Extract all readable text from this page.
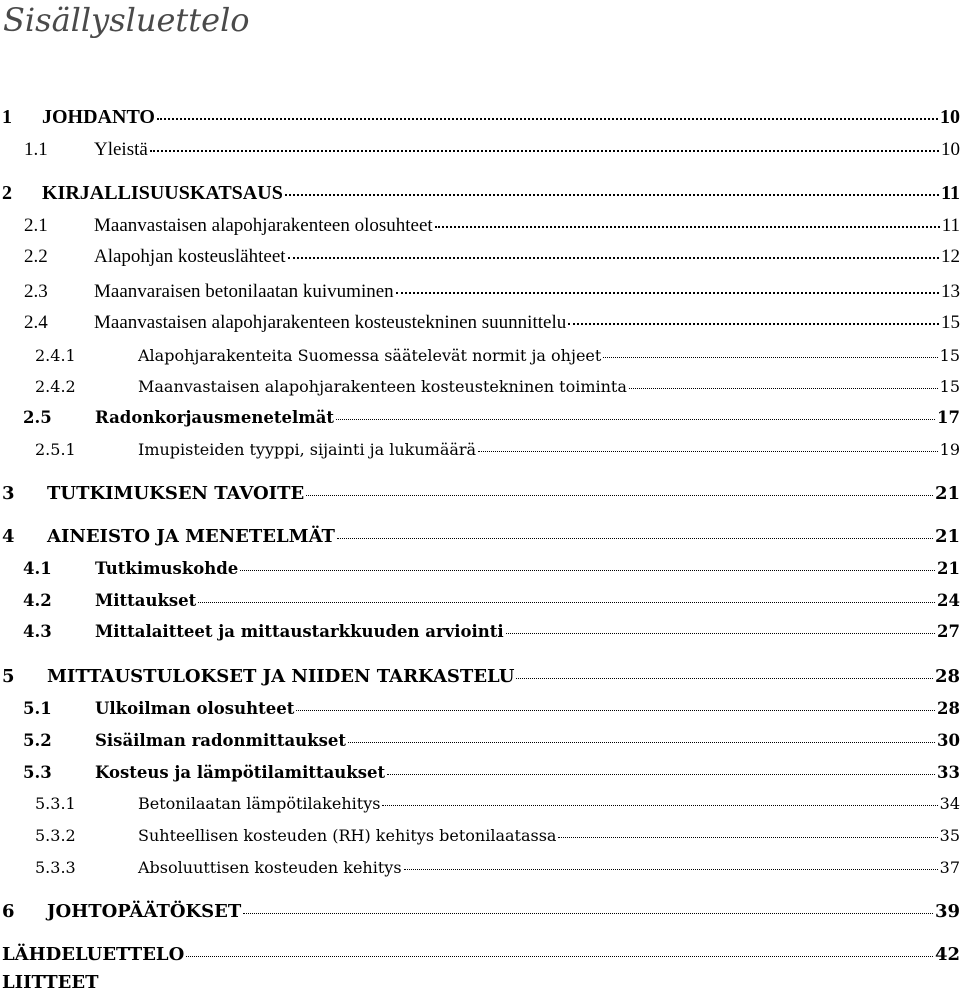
Sisällysluettelo
1	JOHDANTO	10
1.1	Yleistä	10
2	KIRJALLISUUSKATSAUS	11
2.1	Maanvastaisen alapohjarakenteen olosuhteet	11
2.2	Alapohjan kosteuslähteet	12
2.3	Maanvaraisen betonilaatan kuivuminen	13
2.4	Maanvastaisen alapohjarakenteen kosteustekninen suunnittelu	15
2.4.1	Alapohjarakenteita Suomessa säätelevät normit ja ohjeet	15
2.4.2	Maanvastaisen alapohjarakenteen kosteustekninen toiminta	15
2.5	Radonkorjausmenetelmät	17
2.5.1	Imupisteiden tyyppi, sijainti ja lukumäärä	19
3	TUTKIMUKSEN TAVOITE	21
4	AINEISTO JA MENETELMÄT	21
4.1	Tutkimuskohde	21
4.2	Mittaukset	24
4.3	Mittalaitteet ja mittaustarkkuuden arviointi	27
5	MITTAUSTULOKSET JA NIIDEN TARKASTELU	28
5.1	Ulkoilman olosuhteet	28
5.2	Sisäilman radonmittaukset	30
5.3	Kosteus ja lämpötilamittaukset	33
5.3.1	Betonilaatan lämpötilakehitys	34
5.3.2	Suhteellisen kosteuden (RH) kehitys betonilaatassa	35
5.3.3	Absoluuttisen kosteuden kehitys	37
6	JOHTOPÄÄTÖKSET	39
LÄHDELUETTELO	42
LIITTEET
